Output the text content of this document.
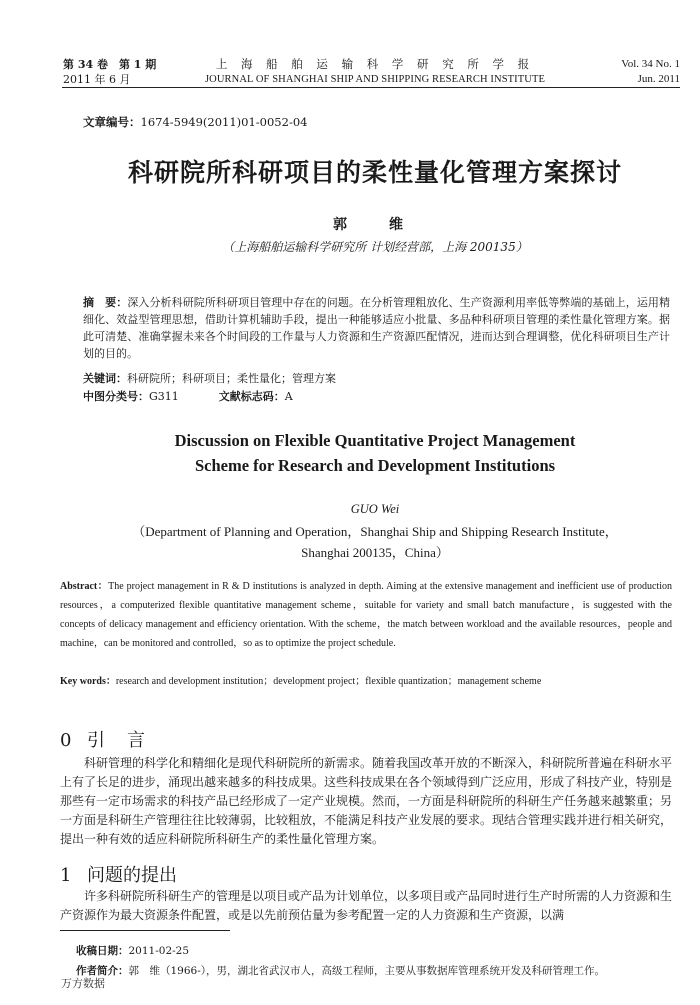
第 34 卷　第 1 期
2011 年 6 月
上 海 船 舶 运 输 科 学 研 究 所 学 报
JOURNAL OF SHANGHAI SHIP AND SHIPPING RESEARCH INSTITUTE
Vol. 34 No. 1
Jun. 2011
文章编号：1674-5949(2011)01-0052-04
科研院所科研项目的柔性量化管理方案探讨
郭　维
（上海船舶运输科学研究所 计划经营部，上海 200135）
摘　要：深入分析科研院所科研项目管理中存在的问题。在分析管理粗放化、生产资源利用率低等弊端的基础上，运用精细化、效益型管理思想，借助计算机辅助手段，提出一种能够适应小批量、多品种科研项目管理的柔性量化管理方案。据此可清楚、准确掌握未来各个时间段的工作量与人力资源和生产资源匹配情况，进而达到合理调整，优化科研项目生产计划的目的。
关键词：科研院所；科研项目；柔性量化；管理方案
中图分类号：G311	文献标志码：A
Discussion on Flexible Quantitative Project Management
Scheme for Research and Development Institutions
GUO Wei
（Department of Planning and Operation，Shanghai Ship and Shipping Research Institute，
Shanghai 200135，China）
Abstract：The project management in R & D institutions is analyzed in depth. Aiming at the extensive management and inefficient use of production resources，a computerized flexible quantitative management scheme，suitable for variety and small batch manufacture，is suggested with the concepts of delicacy management and efficiency orientation. With the scheme，the match between workload and the available resources，people and machine，can be monitored and controlled，so as to optimize the project schedule.
Key words：research and development institution；development project；flexible quantization；management scheme
0 引言
科研管理的科学化和精细化是现代科研院所的新需求。随着我国改革开放的不断深入，科研院所普遍在科研水平上有了长足的进步，涌现出越来越多的科技成果。这些科技成果在各个领域得到广泛应用，形成了科技产业，特别是那些有一定市场需求的科技产品已经形成了一定产业规模。然而，一方面是科研院所的科研生产任务越来越繁重；另一方面是科研生产管理往往比较薄弱，比较粗放，不能满足科技产业发展的要求。现结合管理实践并进行相关研究，提出一种有效的适应科研院所科研生产的柔性量化管理方案。
1 问题的提出
许多科研院所科研生产的管理是以项目或产品为计划单位，以多项目或产品同时进行生产时所需的人力资源和生产资源作为最大资源条件配置，或是以先前预估量为参考配置一定的人力资源和生产资源，以满
收稿日期：2011-02-25
作者简介：郭　维（1966-），男，湖北省武汉市人，高级工程师，主要从事数据库管理系统开发及科研管理工作。
万方数据
